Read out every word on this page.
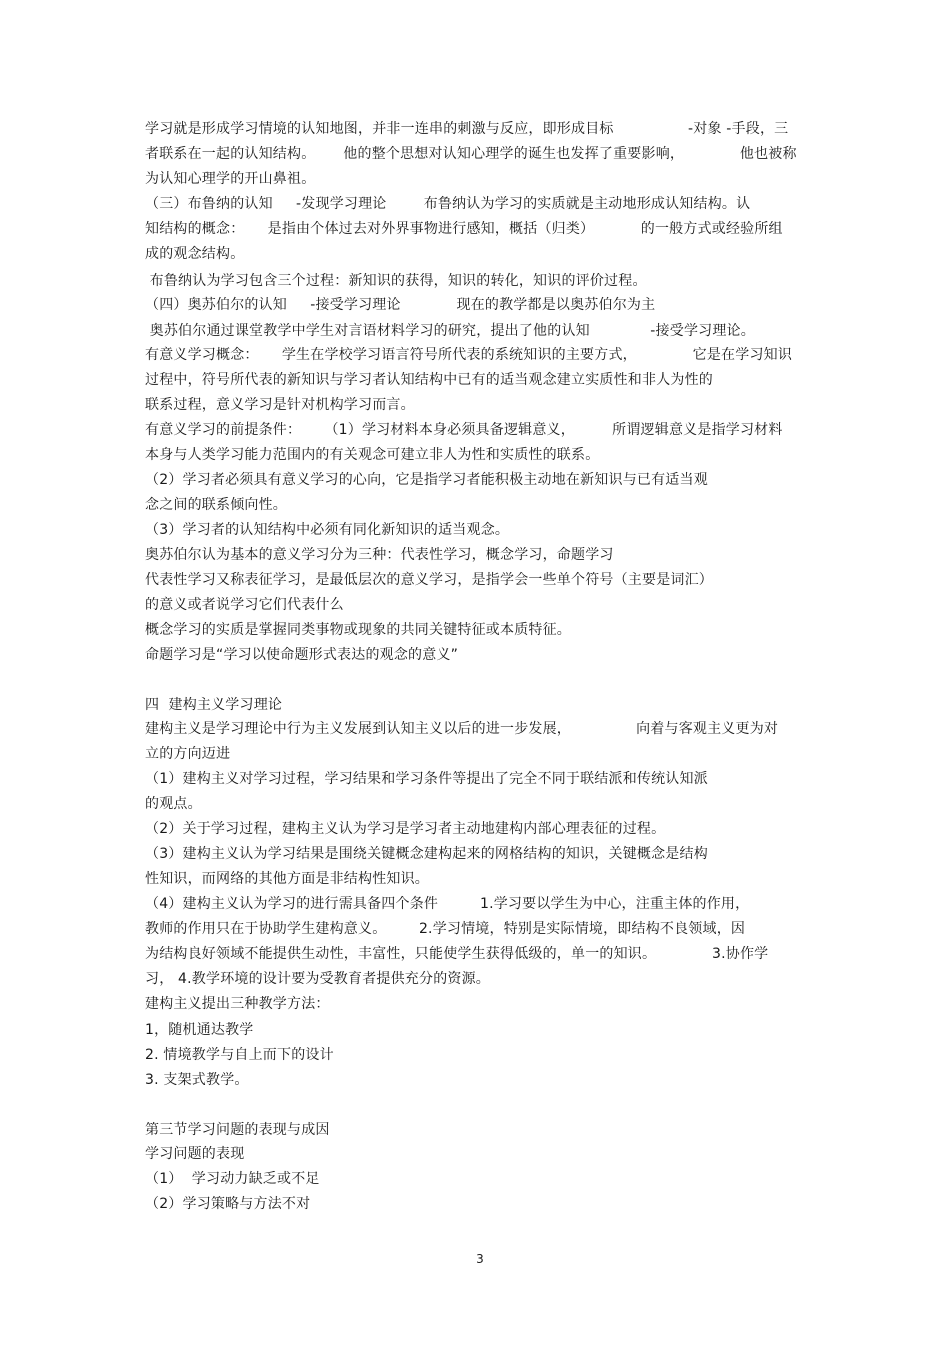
学习就是形成学习情境的认知地图，并非一连串的刺激与反应，即形成目标                -对象 -手段，三
者联系在一起的认知结构。      他的整个思想对认知心理学的诞生也发挥了重要影响，            他也被称
为认知心理学的开山鼻祖。
（三）布鲁纳的认知     -发现学习理论        布鲁纳认为学习的实质就是主动地形成认知结构。认
知结构的概念：     是指由个体过去对外界事物进行感知，概括（归类）          的一般方式或经验所组
成的观念结构。
布鲁纳认为学习包含三个过程：新知识的获得，知识的转化，知识的评价过程。
（四）奥苏伯尔的认知     -接受学习理论            现在的教学都是以奥苏伯尔为主
奥苏伯尔通过课堂教学中学生对言语材料学习的研究，提出了他的认知             -接受学习理论。
有意义学习概念：     学生在学校学习语言符号所代表的系统知识的主要方式，            它是在学习知识
过程中，符号所代表的新知识与学习者认知结构中已有的适当观念建立实质性和非人为性的
联系过程，意义学习是针对机构学习而言。
有意义学习的前提条件：     （1）学习材料本身必须具备逻辑意义，        所谓逻辑意义是指学习材料
本身与人类学习能力范围内的有关观念可建立非人为性和实质性的联系。
（2）学习者必须具有意义学习的心向，它是指学习者能积极主动地在新知识与已有适当观
念之间的联系倾向性。
（3）学习者的认知结构中必须有同化新知识的适当观念。
奥苏伯尔认为基本的意义学习分为三种：代表性学习，概念学习，命题学习
代表性学习又称表征学习，是最低层次的意义学习，是指学会一些单个符号（主要是词汇）
的意义或者说学习它们代表什么
概念学习的实质是掌握同类事物或现象的共同关键特征或本质特征。
命题学习是“学习以使命题形式表达的观念的意义”
四  建构主义学习理论
建构主义是学习理论中行为主义发展到认知主义以后的进一步发展，              向着与客观主义更为对
立的方向迈进
（1）建构主义对学习过程，学习结果和学习条件等提出了完全不同于联结派和传统认知派
的观点。
（2）关于学习过程，建构主义认为学习是学习者主动地建构内部心理表征的过程。
（3）建构主义认为学习结果是围绕关键概念建构起来的网格结构的知识，关键概念是结构
性知识，而网络的其他方面是非结构性知识。
（4）建构主义认为学习的进行需具备四个条件         1.学习要以学生为中心，注重主体的作用，
教师的作用只在于协助学生建构意义。       2.学习情境，特别是实际情境，即结构不良领域，因
为结构良好领域不能提供生动性，丰富性，只能使学生获得低级的，单一的知识。            3.协作学
习， 4.教学环境的设计要为受教育者提供充分的资源。
建构主义提出三种教学方法：
1，随机通达教学
2. 情境教学与自上而下的设计
3. 支架式教学。
第三节学习问题的表现与成因
学习问题的表现
（1）  学习动力缺乏或不足
（2）学习策略与方法不对
3
